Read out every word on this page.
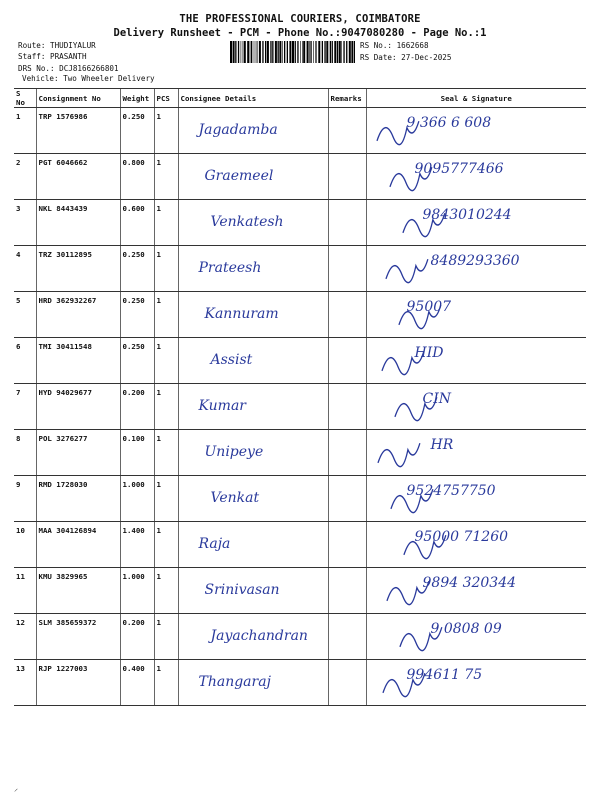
THE PROFESSIONAL COURIERS, COIMBATORE
Delivery Runsheet - PCM - Phone No.:9047080280 - Page No.:1
Route: THUDIYALUR
Staff: PRASANTH
DRS No.: DCJ8166266801
Vehicle: Two Wheeler Delivery
RS No.: 1662668
RS Date: 27-Dec-2025
S No	Consignment No	Weight	PCS	Consignee Details	Remarks	Seal & Signature
1	TRP 1576986	0.250	1	Jagadamba		9 366 6 608

2	PGT 6046662	0.800	1	Graemeel		9095777466

3	NKL 8443439	0.600	1	Venkatesh		9843010244

4	TRZ 30112895	0.250	1	Prateesh		8489293360

5	HRD 362932267	0.250	1	Kannuram		95007

6	TMI 30411548	0.250	1	Assist		HID

7	HYD 94029677	0.200	1	Kumar		CIN

8	POL 3276277	0.100	1	Unipeye		HR

9	RMD 1728030	1.000	1	Venkat		9524757750

10	MAA 304126894	1.400	1	Raja		95000 71260

11	KMU 3829965	1.000	1	Srinivasan		9894 320344

12	SLM 385659372	0.200	1	Jayachandran		9 0808 09

13	RJP 1227003	0.400	1	Thangaraj		994611 75
⸝
